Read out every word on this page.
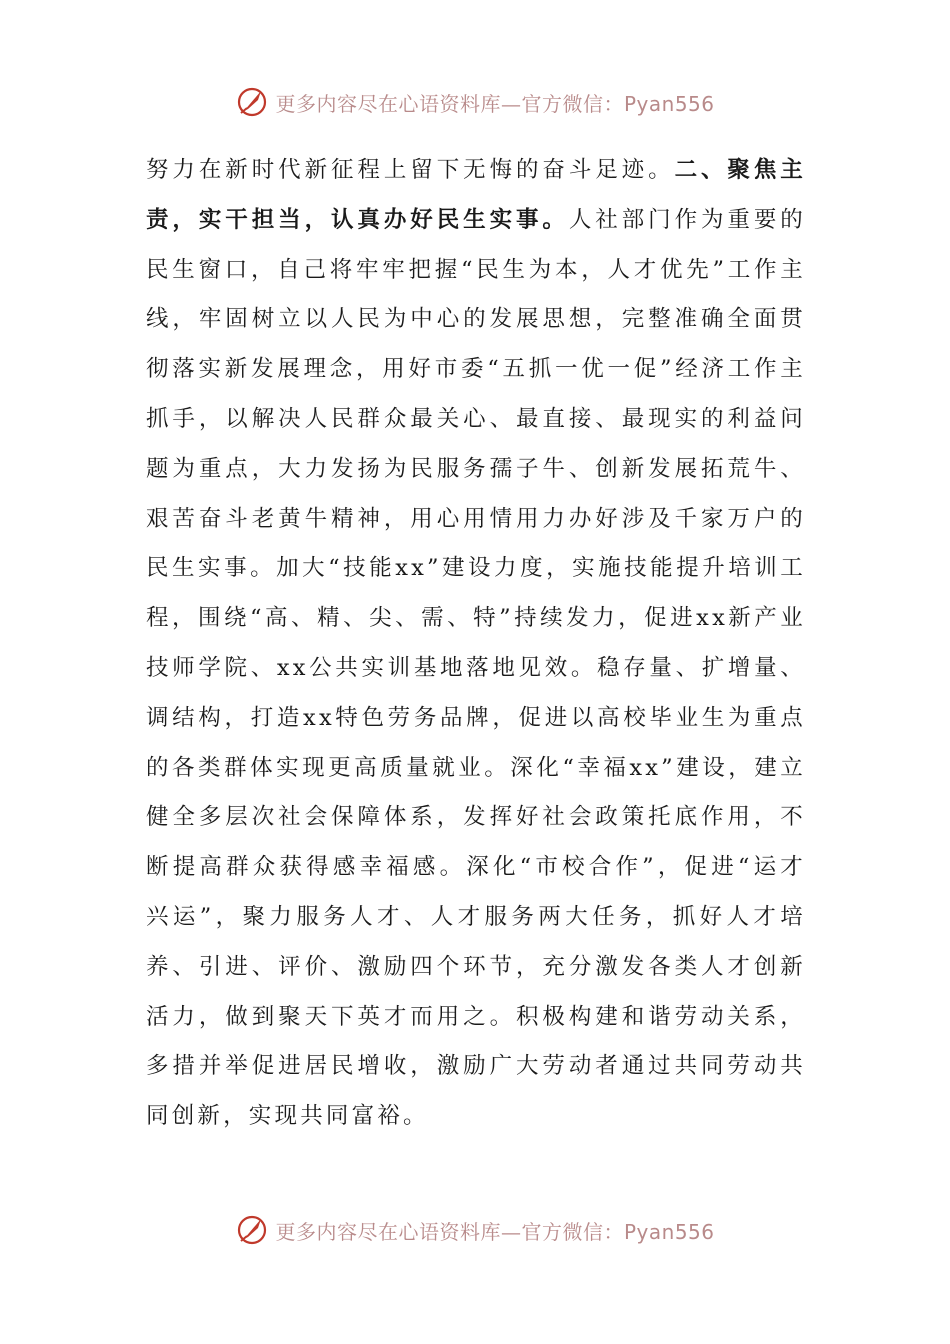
更多内容尽在心语资料库—官方微信：Pyan556
努力在新时代新征程上留下无悔的奋斗足迹。二、聚焦主责，实干担当，认真办好民生实事。人社部门作为重要的民生窗口，自己将牢牢把握“民生为本，人才优先”工作主线，牢固树立以人民为中心的发展思想，完整准确全面贯彻落实新发展理念，用好市委“五抓一优一促”经济工作主抓手，以解决人民群众最关心、最直接、最现实的利益问题为重点，大力发扬为民服务孺子牛、创新发展拓荒牛、艰苦奋斗老黄牛精神，用心用情用力办好涉及千家万户的民生实事。加大“技能xx”建设力度，实施技能提升培训工程，围绕“高、精、尖、需、特”持续发力，促进xx新产业技师学院、xx公共实训基地落地见效。稳存量、扩增量、调结构，打造xx特色劳务品牌，促进以高校毕业生为重点的各类群体实现更高质量就业。深化“幸福xx”建设，建立健全多层次社会保障体系，发挥好社会政策托底作用，不断提高群众获得感幸福感。深化“市校合作”，促进“运才兴运”，聚力服务人才、人才服务两大任务，抓好人才培养、引进、评价、激励四个环节，充分激发各类人才创新活力，做到聚天下英才而用之。积极构建和谐劳动关系，多措并举促进居民增收，激励广大劳动者通过共同劳动共同创新，实现共同富裕。
更多内容尽在心语资料库—官方微信：Pyan556
